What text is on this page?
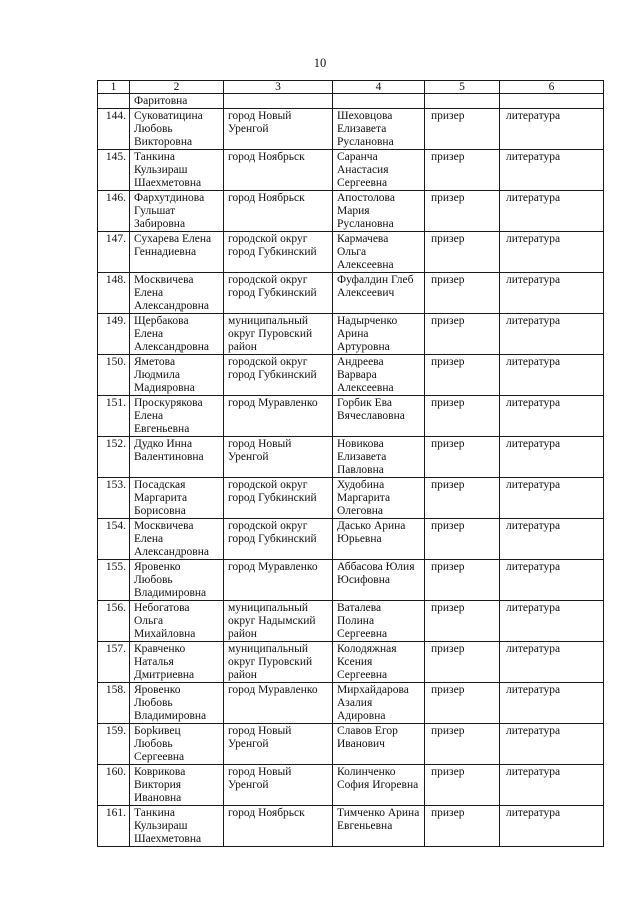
10
1	2	3	4	5	6
	Фаритовна				
144.	Суковатицина Любовь Викторовна	город Новый Уренгой	Шеховцова Елизавета Руслановна	призер	литература
145.	Танкина Кульзираш Шаехметовна	город Ноябрьск	Саранча Анастасия Сергеевна	призер	литература
146.	Фархутдинова Гульшат Забировна	город Ноябрьск	Апостолова Мария Руслановна	призер	литература
147.	Сухарева Елена Геннадиевна	городской округ город Губкинский	Кармачева Ольга Алексеевна	призер	литература
148.	Москвичева Елена Александровна	городской округ город Губкинский	Фуфалдин Глеб Алексеевич	призер	литература
149.	Щербакова Елена Александровна	муниципальный округ Пуровский район	Надырченко Арина Артуровна	призер	литература
150.	Яметова Людмила Мадияровна	городской округ город Губкинский	Андреева Варвара Алексеевна	призер	литература
151.	Проскурякова Елена Евгеньевна	город Муравленко	Горбик Ева Вячеславовна	призер	литература
152.	Дудко Инна Валентиновна	город Новый Уренгой	Новикова Елизавета Павловна	призер	литература
153.	Посадская Маргарита Борисовна	городской округ город Губкинский	Худобина Маргарита Олеговна	призер	литература
154.	Москвичева Елена Александровна	городской округ город Губкинский	Дасько Арина Юрьевна	призер	литература
155.	Яровенко Любовь Владимировна	город Муравленко	Аббасова Юлия Юсифовна	призер	литература
156.	Небогатова Ольга Михайловна	муниципальный округ Надымский район	Ваталева Полина Сергеевна	призер	литература
157.	Кравченко Наталья Дмитриевна	муниципальный округ Пуровский район	Колодяжная Ксения Сергеевна	призер	литература
158.	Яровенко Любовь Владимировна	город Муравленко	Мирхайдарова Азалия Адировна	призер	литература
159.	Борkивец Любовь Сергеевна	город Новый Уренгой	Славов Егор Иванович	призер	литература
160.	Коврикова Виктория Ивановна	город Новый Уренгой	Колинченко София Игоревна	призер	литература
161.	Танкина Кульзираш Шаехметовна	город Ноябрьск	Тимченко Арина Евгеньевна	призер	литература
